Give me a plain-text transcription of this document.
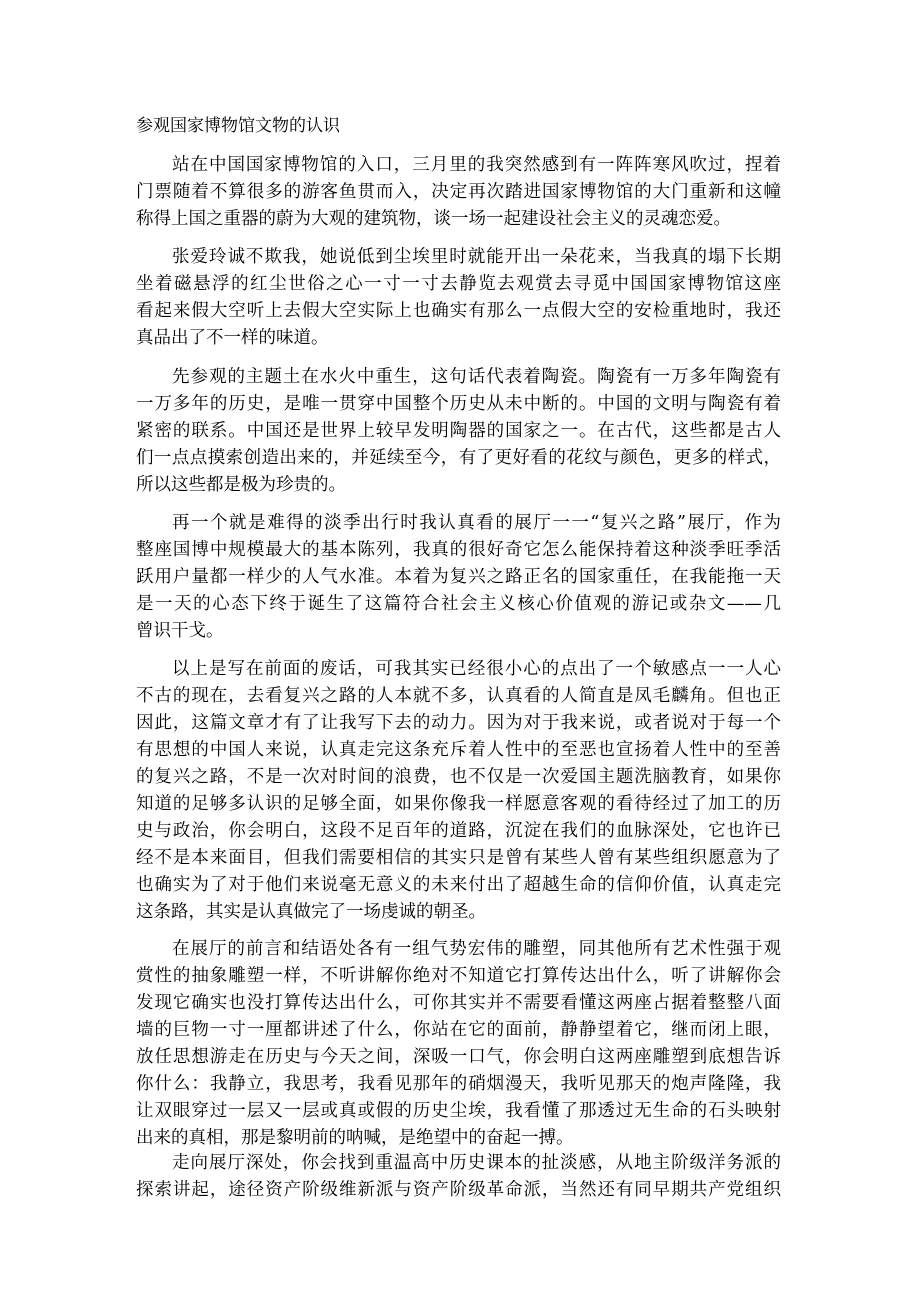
参观国家博物馆文物的认识
站在中国国家博物馆的入口，三月里的我突然感到有一阵阵寒风吹过，捏着
门票随着不算很多的游客鱼贯而入，决定再次踏进国家博物馆的大门重新和这幢
称得上国之重器的蔚为大观的建筑物，谈一场一起建设社会主义的灵魂恋爱。
张爱玲诚不欺我，她说低到尘埃里时就能开出一朵花来，当我真的塌下长期
坐着磁悬浮的红尘世俗之心一寸一寸去静览去观赏去寻觅中国国家博物馆这座
看起来假大空听上去假大空实际上也确实有那么一点假大空的安检重地时，我还
真品出了不一样的味道。
先参观的主题土在水火中重生，这句话代表着陶瓷。陶瓷有一万多年陶瓷有
一万多年的历史，是唯一贯穿中国整个历史从未中断的。中国的文明与陶瓷有着
紧密的联系。中国还是世界上较早发明陶器的国家之一。在古代，这些都是古人
们一点点摸索创造出来的，并延续至今，有了更好看的花纹与颜色，更多的样式，
所以这些都是极为珍贵的。
再一个就是难得的淡季出行时我认真看的展厅一一“复兴之路”展厅，作为
整座国博中规模最大的基本陈列，我真的很好奇它怎么能保持着这种淡季旺季活
跃用户量都一样少的人气水准。本着为复兴之路正名的国家重任，在我能拖一天
是一天的心态下终于诞生了这篇符合社会主义核心价值观的游记或杂文——几
曾识干戈。
以上是写在前面的废话，可我其实已经很小心的点出了一个敏感点一一人心
不古的现在，去看复兴之路的人本就不多，认真看的人简直是凤毛麟角。但也正
因此，这篇文章才有了让我写下去的动力。因为对于我来说，或者说对于每一个
有思想的中国人来说，认真走完这条充斥着人性中的至恶也宣扬着人性中的至善
的复兴之路，不是一次对时间的浪费，也不仅是一次爱国主题洗脑教育，如果你
知道的足够多认识的足够全面，如果你像我一样愿意客观的看待经过了加工的历
史与政治，你会明白，这段不足百年的道路，沉淀在我们的血脉深处，它也许已
经不是本来面目，但我们需要相信的其实只是曾有某些人曾有某些组织愿意为了
也确实为了对于他们来说毫无意义的未来付出了超越生命的信仰价值，认真走完
这条路，其实是认真做完了一场虔诚的朝圣。
在展厅的前言和结语处各有一组气势宏伟的雕塑，同其他所有艺术性强于观
赏性的抽象雕塑一样，不听讲解你绝对不知道它打算传达出什么，听了讲解你会
发现它确实也没打算传达出什么，可你其实并不需要看懂这两座占据着整整八面
墙的巨物一寸一厘都讲述了什么，你站在它的面前，静静望着它，继而闭上眼，
放任思想游走在历史与今天之间，深吸一口气，你会明白这两座雕塑到底想告诉
你什么：我静立，我思考，我看见那年的硝烟漫天，我听见那天的炮声隆隆，我
让双眼穿过一层又一层或真或假的历史尘埃，我看懂了那透过无生命的石头映射
出来的真相，那是黎明前的呐喊，是绝望中的奋起一搏。
走向展厅深处，你会找到重温高中历史课本的扯淡感，从地主阶级洋务派的
探索讲起，途径资产阶级维新派与资产阶级革命派，当然还有同早期共产党组织
